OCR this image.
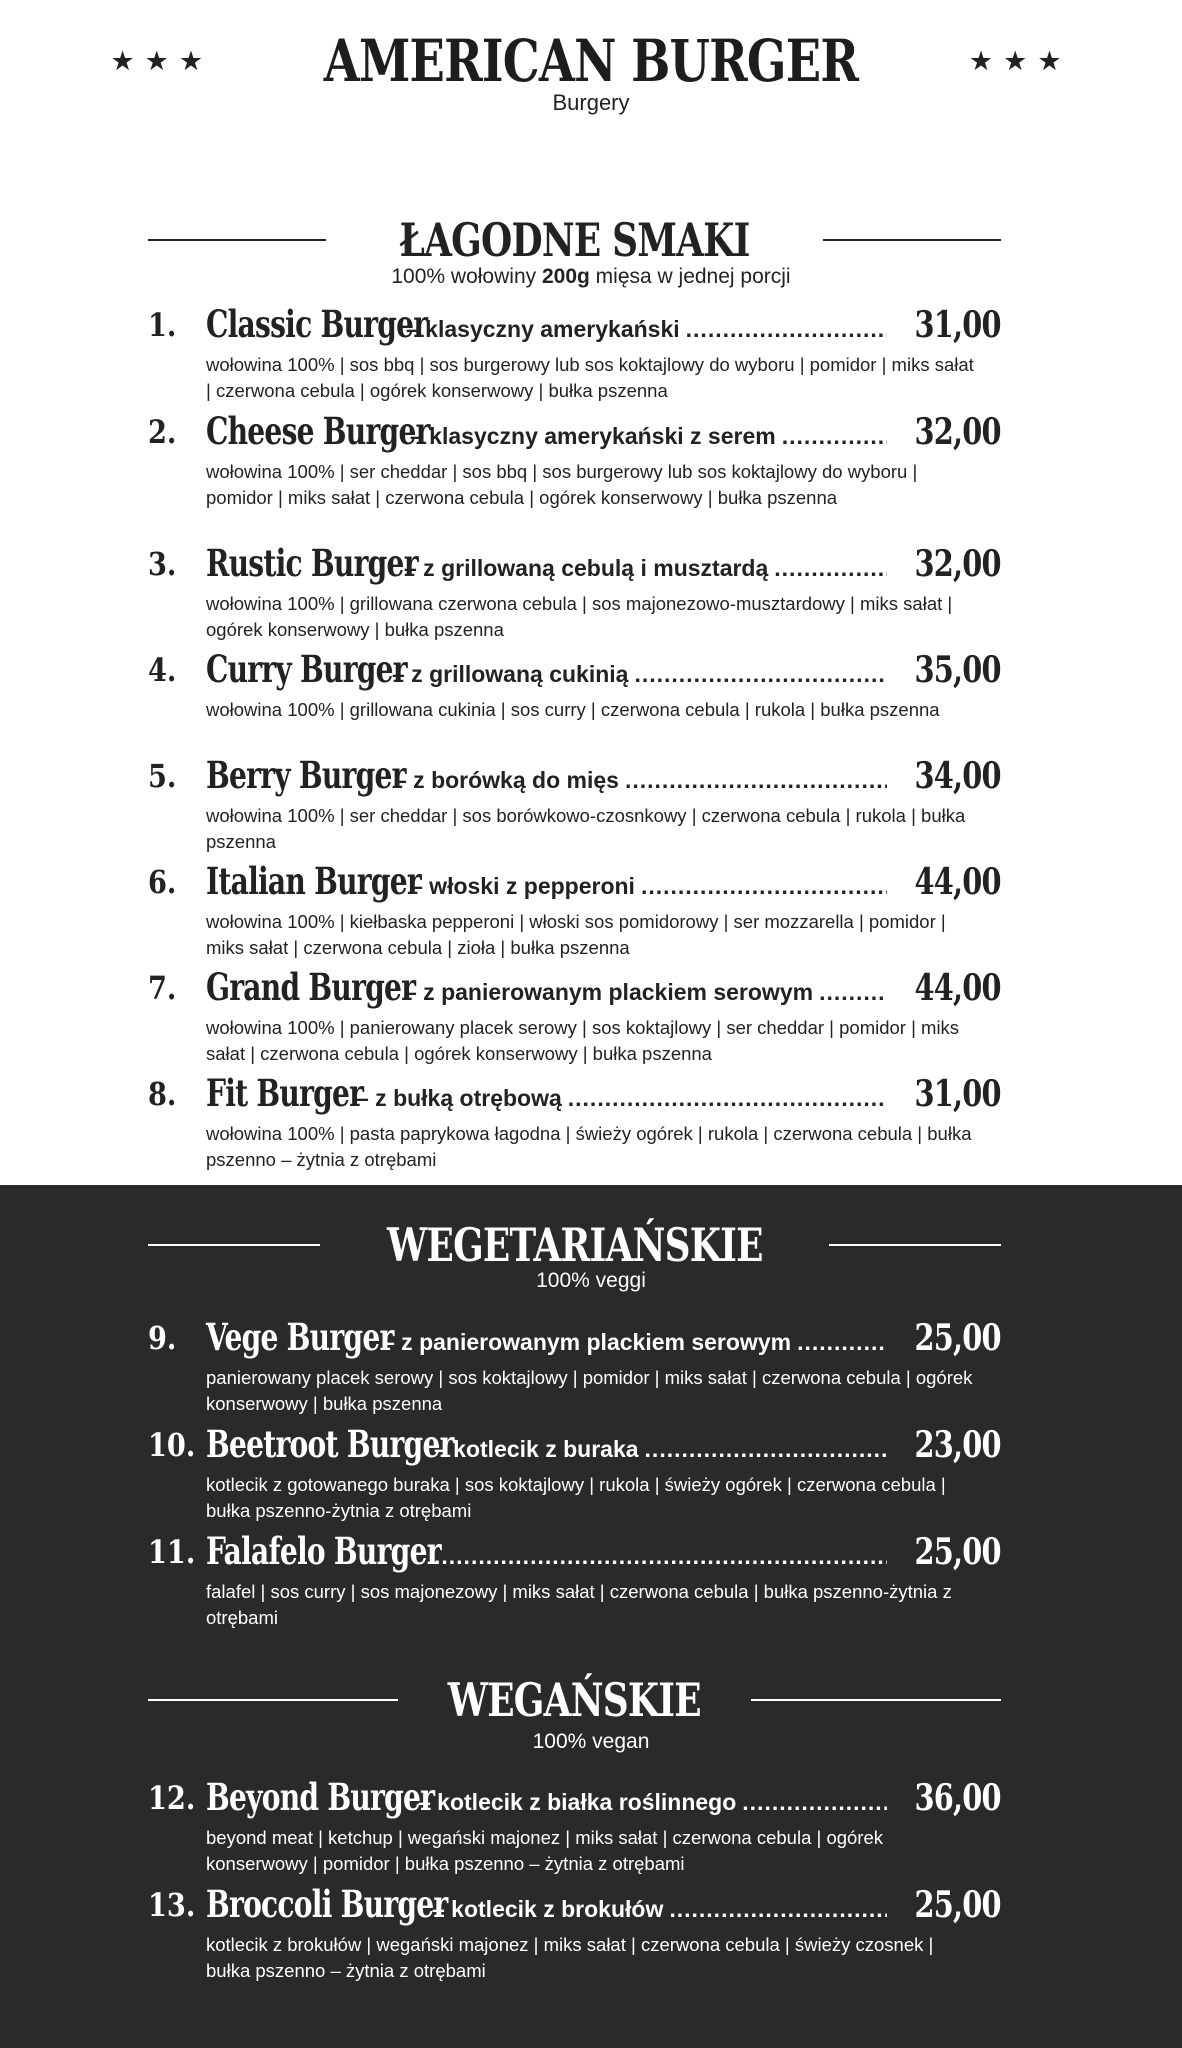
★★★ AMERICAN BURGER	★★★
Burgery
ŁAGODNE SMAKI
100% wołowiny 200g mięsa w jednej porcji
1. Classic Burger
– klasyczny amerykański .....	31,00
wołowina 100% | sos bbq | sos burgerowy lub sos koktajlowy do wyboru | pomidor | miks sałat | czerwona cebula | ogórek konserwowy | bułka pszenna
2. Cheese Burger
– klasyczny amerykański z serem .....	32,00
wołowina 100% | ser cheddar | sos bbq | sos burgerowy lub sos koktajlowy do wyboru | pomidor | miks sałat | czerwona cebula | ogórek konserwowy | bułka pszenna
3. Rustic Burger
– z grillowaną cebulą i musztardą .....	32,00
wołowina 100% | grillowana czerwona cebula | sos majonezowo-musztardowy | miks sałat | ogórek konserwowy | bułka pszenna
4. Curry Burger
– z grillowaną cukinią .....	35,00
wołowina 100% | grillowana cukinia | sos curry | czerwona cebula | rukola | bułka pszenna
5. Berry Burger
– z borówką do mięs .....	34,00
wołowina 100% | ser cheddar | sos borówkowo-czosnkowy | czerwona cebula | rukola | bułka pszenna
6. Italian Burger
– włoski z pepperoni .....	44,00
wołowina 100% | kiełbaska pepperoni | włoski sos pomidorowy | ser mozzarella | pomidor | miks sałat | czerwona cebula | zioła | bułka pszenna
7. Grand Burger
– z panierowanym plackiem serowym .....	44,00
wołowina 100% | panierowany placek serowy | sos koktajlowy | ser cheddar | pomidor | miks sałat | czerwona cebula | ogórek konserwowy | bułka pszenna
8. Fit Burger
– z bułką otrębową .....	31,00
wołowina 100% | pasta paprykowa łagodna | świeży ogórek | rukola | czerwona cebula | bułka pszenno – żytnia z otrębami
WEGETARIAŃSKIE
100% veggi
9. Vege Burger
– z panierowanym plackiem serowym .....	25,00
panierowany placek serowy | sos koktajlowy | pomidor | miks sałat | czerwona cebula | ogórek konserwowy | bułka pszenna
10. Beetroot Burger
– kotlecik z buraka .....	23,00
kotlecik z gotowanego buraka | sos koktajlowy | rukola | świeży ogórek | czerwona cebula | bułka pszenno-żytnia z otrębami
11. Falafelo Burger .....	25,00
falafel | sos curry | sos majonezowy | miks sałat | czerwona cebula | bułka pszenno-żytnia z otrębami
WEGAŃSKIE
100% vegan
12. Beyond Burger
– kotlecik z białka roślinnego .....	36,00
beyond meat | ketchup | wegański majonez | miks sałat | czerwona cebula | ogórek konserwowy | pomidor | bułka pszenno – żytnia z otrębami
13. Broccoli Burger
– kotlecik z brokułów .....	25,00
kotlecik z brokułów | wegański majonez | miks sałat | czerwona cebula | świeży czosnek | bułka pszenno – żytnia z otrębami
